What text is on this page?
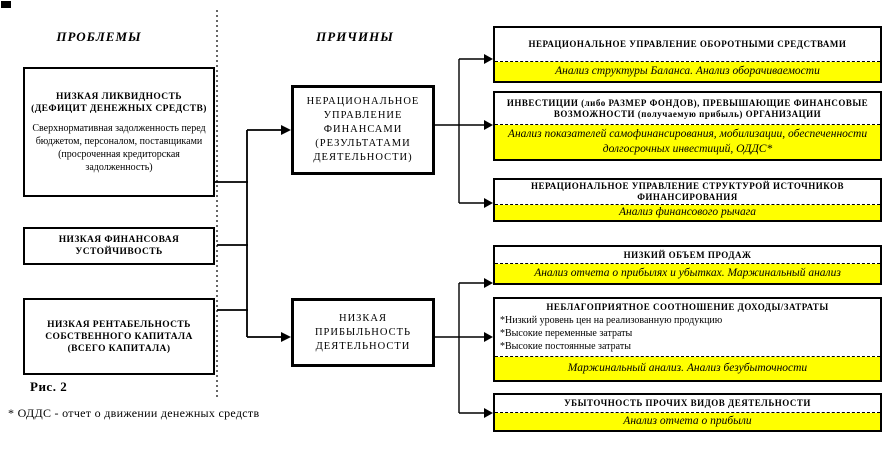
ПРОБЛЕМЫ	ПРИЧИНЫ
НИЗКАЯ ЛИКВИДНОСТЬ (ДЕФИЦИТ ДЕНЕЖНЫХ СРЕДСТВ)
Сверхнормативная задолженность перед бюджетом, персоналом, поставщиками (просроченная кредиторская задолженность)
НИЗКАЯ ФИНАНСОВАЯ УСТОЙЧИВОСТЬ
НИЗКАЯ РЕНТАБЕЛЬНОСТЬ СОБСТВЕННОГО КАПИТАЛА (ВСЕГО КАПИТАЛА)
НЕРАЦИОНАЛЬНОЕ УПРАВЛЕНИЕ ФИНАНСАМИ (РЕЗУЛЬТАТАМИ ДЕЯТЕЛЬНОСТИ)
НИЗКАЯ ПРИБЫЛЬНОСТЬ ДЕЯТЕЛЬНОСТИ
НЕРАЦИОНАЛЬНОЕ УПРАВЛЕНИЕ ОБОРОТНЫМИ СРЕДСТВАМИ
Анализ структуры Баланса. Анализ оборачиваемости
ИНВЕСТИЦИИ (либо РАЗМЕР ФОНДОВ), ПРЕВЫШАЮЩИЕ ФИНАНСОВЫЕ ВОЗМОЖНОСТИ (получаемую прибыль) ОРГАНИЗАЦИИ
Анализ показателей самофинансирования, мобилизации, обеспеченности долгосрочных инвестиций, ОДДС*
НЕРАЦИОНАЛЬНОЕ УПРАВЛЕНИЕ СТРУКТУРОЙ ИСТОЧНИКОВ ФИНАНСИРОВАНИЯ
Анализ финансового рычага
НИЗКИЙ ОБЪЕМ ПРОДАЖ
Анализ отчета о прибылях и убытках. Маржинальный анализ
НЕБЛАГОПРИЯТНОЕ СООТНОШЕНИЕ ДОХОДЫ/ЗАТРАТЫ
*Низкий уровень цен на реализованную продукцию
*Высокие переменные затраты
*Высокие постоянные затраты
Маржинальный анализ. Анализ безубыточности
УБЫТОЧНОСТЬ ПРОЧИХ ВИДОВ ДЕЯТЕЛЬНОСТИ
Анализ отчета о прибыли
Рис. 2
* ОДДС - отчет о движении денежных средств
